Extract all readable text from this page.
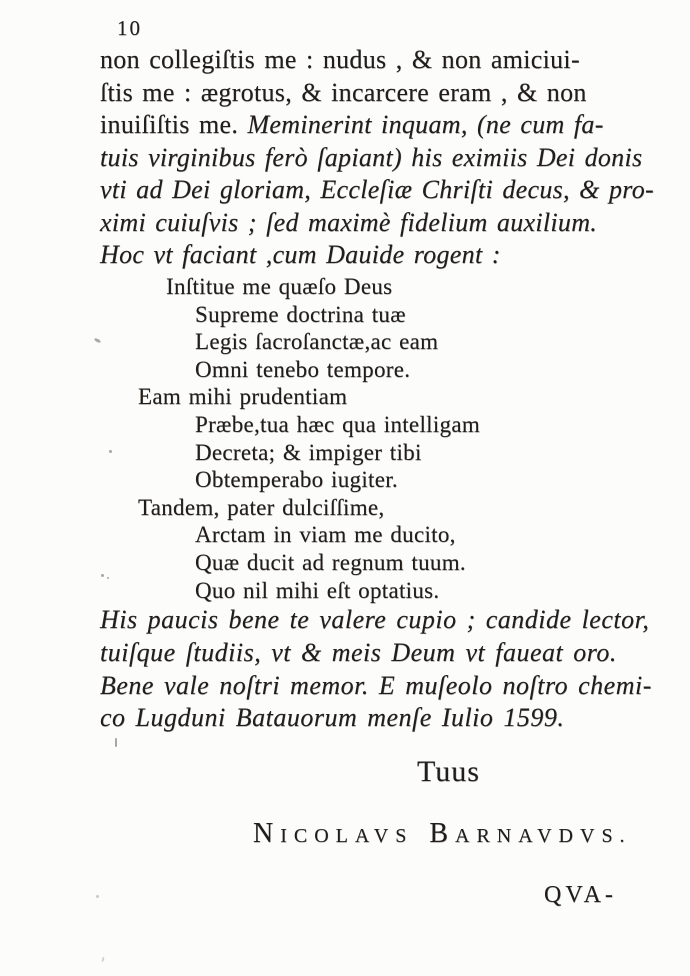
10
non collegiſtis me : nudus , & non amiciui-
ſtis me : ægrotus, & incarcere eram , & non
inuiſiſtis me. Meminerint inquam, (ne cum fa-
tuis virginibus ferò ſapiant) his eximiis Dei donis
vti ad Dei gloriam, Eccleſiæ Chriſti decus, & pro-
ximi cuiuſvis ; ſed maximè fidelium auxilium.
Hoc vt faciant ,cum Dauide rogent :
Inſtitue me quæſo Deus
Supreme doctrina tuæ
Legis ſacroſanctæ,ac eam
Omni tenebo tempore.
Eam mihi prudentiam
Præbe,tua hæc qua intelligam
Decreta; & impiger tibi
Obtemperabo iugiter.
Tandem, pater dulciſſime,
Arctam in viam me ducito,
Quæ ducit ad regnum tuum.
Quo nil mihi eſt optatius.
His paucis bene te valere cupio ; candide lector,
tuiſque ſtudiis, vt & meis Deum vt faueat oro.
Bene vale noſtri memor. E muſeolo noſtro chemi-
co Lugduni Batauorum menſe Iulio 1599.
Tuus
NICOLAVS BARNAVDVS.
QVA-
